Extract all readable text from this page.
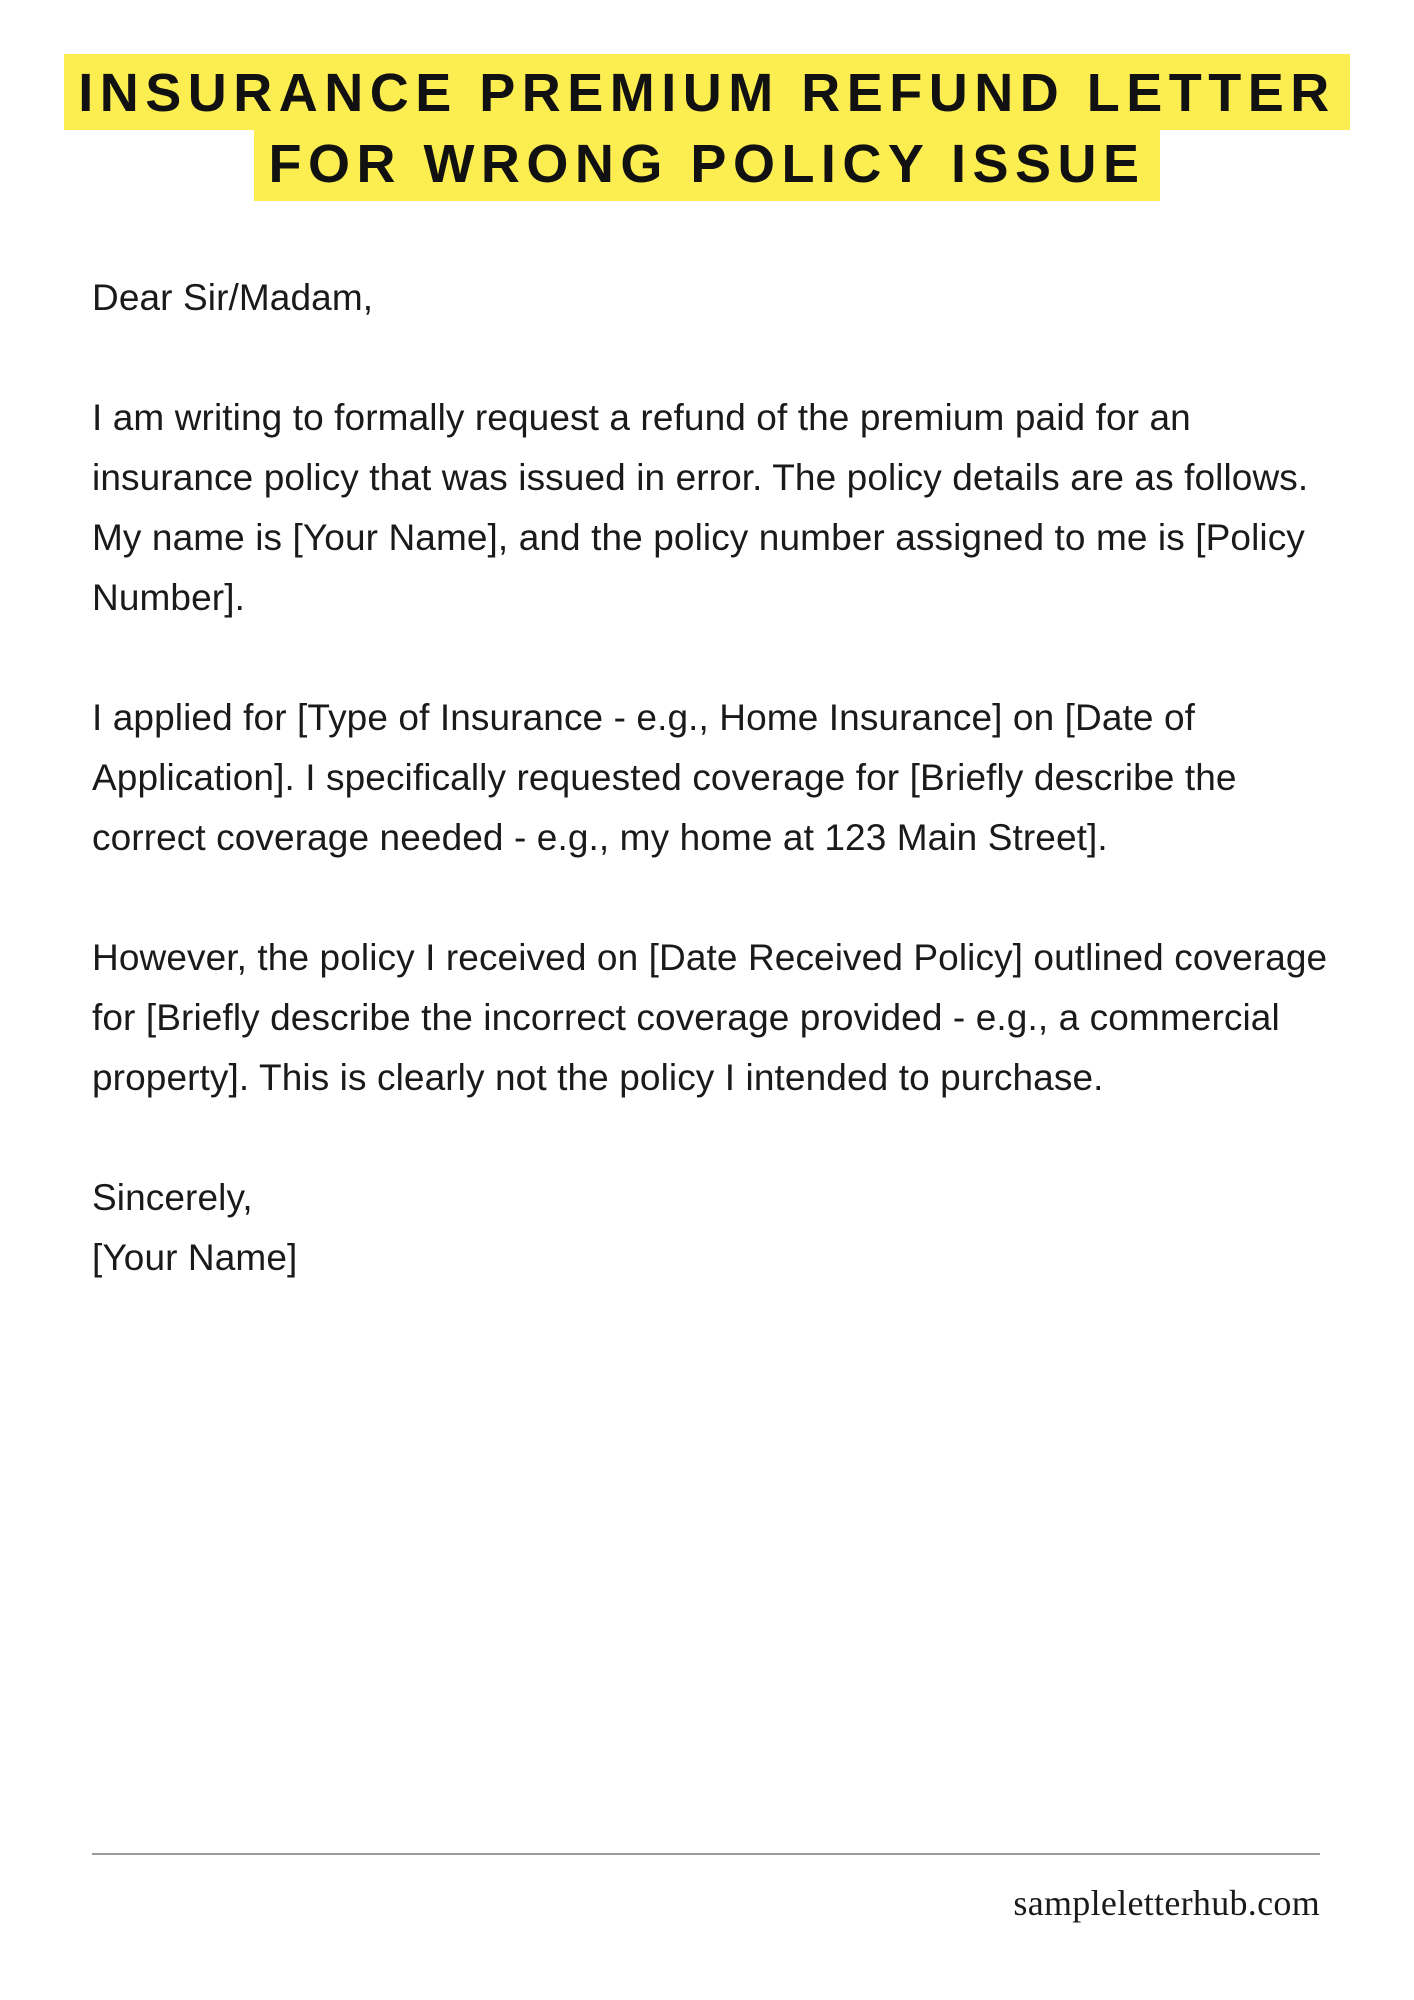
INSURANCE PREMIUM REFUND LETTER
FOR WRONG POLICY ISSUE

Dear Sir/Madam,

I am writing to formally request a refund of the premium paid for an insurance policy that was issued in error. The policy details are as follows. My name is [Your Name], and the policy number assigned to me is [Policy Number].

I applied for [Type of Insurance - e.g., Home Insurance] on [Date of Application]. I specifically requested coverage for [Briefly describe the correct coverage needed - e.g., my home at 123 Main Street].

However, the policy I received on [Date Received Policy] outlined coverage for [Briefly describe the incorrect coverage provided - e.g., a commercial property]. This is clearly not the policy I intended to purchase.

Sincerely,

[Your Name]

sampleletterhub.com
